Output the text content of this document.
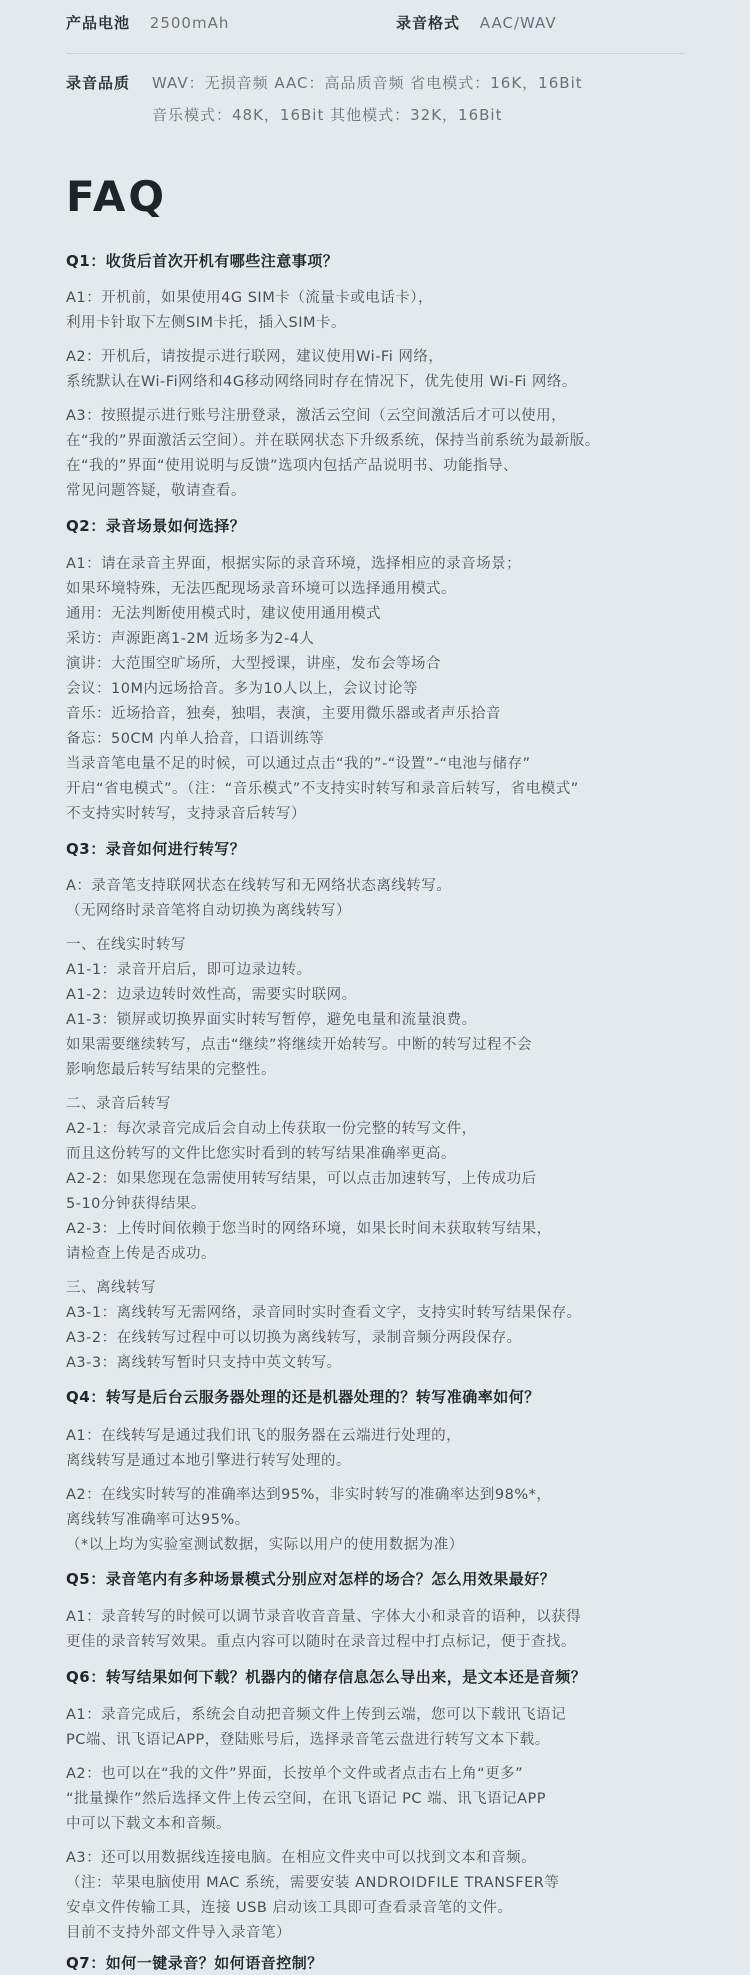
产品电池 2500mAh	录音格式 AAC/WAV
录音品质 WAV：无损音频 AAC：高品质音频 省电模式：16K，16Bit
音乐模式：48K，16Bit 其他模式：32K，16Bit
FAQ
Q1：收货后首次开机有哪些注意事项？
A1：开机前，如果使用4G SIM卡（流量卡或电话卡），
利用卡针取下左侧SIM卡托，插入SIM卡。
A2：开机后，请按提示进行联网，建议使用Wi-Fi 网络，
系统默认在Wi-Fi网络和4G移动网络同时存在情况下，优先使用 Wi-Fi 网络。
A3：按照提示进行账号注册登录，激活云空间（云空间激活后才可以使用，
在“我的”界面激活云空间）。并在联网状态下升级系统，保持当前系统为最新版。
在“我的”界面“使用说明与反馈”选项内包括产品说明书、功能指导、
常见问题答疑，敬请查看。
Q2：录音场景如何选择？
A1：请在录音主界面，根据实际的录音环境，选择相应的录音场景；
如果环境特殊，无法匹配现场录音环境可以选择通用模式。
通用：无法判断使用模式时，建议使用通用模式
采访：声源距离1-2M 近场多为2-4人
演讲：大范围空旷场所，大型授课，讲座，发布会等场合
会议：10M内远场拾音。多为10人以上，会议讨论等
音乐：近场拾音，独奏，独唱，表演，主要用微乐器或者声乐拾音
备忘：50CM 内单人拾音，口语训练等
当录音笔电量不足的时候，可以通过点击“我的”-“设置”-“电池与储存”
开启“省电模式”。（注：“音乐模式”不支持实时转写和录音后转写，省电模式”
不支持实时转写，支持录音后转写）
Q3：录音如何进行转写？
A：录音笔支持联网状态在线转写和无网络状态离线转写。
（无网络时录音笔将自动切换为离线转写）
一、在线实时转写
A1-1：录音开启后，即可边录边转。
A1-2：边录边转时效性高，需要实时联网。
A1-3：锁屏或切换界面实时转写暂停，避免电量和流量浪费。
如果需要继续转写，点击“继续”将继续开始转写。中断的转写过程不会
影响您最后转写结果的完整性。
二、录音后转写
A2-1：每次录音完成后会自动上传获取一份完整的转写文件，
而且这份转写的文件比您实时看到的转写结果准确率更高。
A2-2：如果您现在急需使用转写结果，可以点击加速转写，上传成功后
5-10分钟获得结果。
A2-3：上传时间依赖于您当时的网络环境，如果长时间未获取转写结果，
请检查上传是否成功。
三、离线转写
A3-1：离线转写无需网络，录音同时实时查看文字，支持实时转写结果保存。
A3-2：在线转写过程中可以切换为离线转写，录制音频分两段保存。
A3-3：离线转写暂时只支持中英文转写。
Q4：转写是后台云服务器处理的还是机器处理的？转写准确率如何？
A1：在线转写是通过我们讯飞的服务器在云端进行处理的，
离线转写是通过本地引擎进行转写处理的。
A2：在线实时转写的准确率达到95%，非实时转写的准确率达到98%*，
离线转写准确率可达95%。
（*以上均为实验室测试数据，实际以用户的使用数据为准）
Q5：录音笔内有多种场景模式分别应对怎样的场合？怎么用效果最好？
A1：录音转写的时候可以调节录音收音音量、字体大小和录音的语种，以获得
更佳的录音转写效果。重点内容可以随时在录音过程中打点标记，便于查找。
Q6：转写结果如何下载？机器内的储存信息怎么导出来，是文本还是音频？
A1：录音完成后，系统会自动把音频文件上传到云端，您可以下载讯飞语记
PC端、讯飞语记APP，登陆账号后，选择录音笔云盘进行转写文本下载。
A2：也可以在“我的文件”界面，长按单个文件或者点击右上角“更多”
“批量操作”然后选择文件上传云空间，在讯飞语记 PC 端、讯飞语记APP
中可以下载文本和音频。
A3：还可以用数据线连接电脑。在相应文件夹中可以找到文本和音频。
（注：苹果电脑使用 MAC 系统，需要安装 ANDROIDFILE TRANSFER等
安卓文件传输工具，连接 USB 启动该工具即可查看录音笔的文件。
目前不支持外部文件导入录音笔）
Q7：如何一键录音？如何语音控制？
